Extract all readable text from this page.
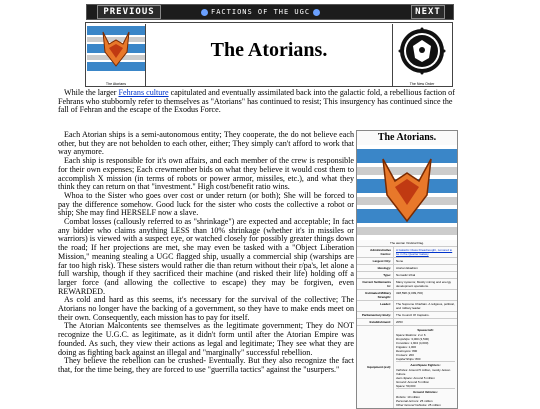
PREVIOUS	FACTIONS OF THE UGC	NEXT
The Atorians
The Atorians.
The New Order

While the larger Fehrans culture capitulated and eventually assimilated back into the galactic fold, a rebellious faction of Fehrans who stubbornly refer to themselves as "Atorians" has continued to resist; This insurgency has continued since the fall of Fehran and the escape of the Exodus Force.

Each Atorian ships is a semi-autonomous entity; They cooperate, the do not believe each other, but they are not beholden to each other, either; They simply can't afford to work that way anymore.

Each ship is responsible for it's own affairs, and each member of the crew is responsible for their own expenses; Each crewmember bids on what they believe it would cost them to accomplish X mission (in terms of robots or power armor, missiles, etc.), and what they think they can return on that "investment." High cost/benefit ratio wins.

Whoa to the Sister who goes over cost or under return (or both); She will be forced to pay the difference somehow. Good luck for the sister who costs the collective a robot or ship; She may find HERSELF now a slave.

Combat losses (callously referred to as "shrinkage") are expected and acceptable; In fact any bidder who claims anything LESS than 10% shrinkage (whether it's in missiles or warriors) is viewed with a suspect eye, or watched closely for possibly greater things down the road; If her projections are met, she may even be tasked with a "Object Liberation Mission," meaning stealing a UGC flagged ship, usually a commercial ship (warships are far too high risk). These sisters would rather die than return without their r/pa's, let alone a full warship, though if they sacrificed their machine (and risked their life) holding off a larger force (and allowing the collective to escape) they may be forgiven, even REWARDED.

As cold and hard as this seems, it's necessary for the survival of the collective; The Atorians no longer have the backing of a government, so they have to make ends meet on their own. Consequently, each mission has to pay for itself.

The Atorian Malcontents see themselves as the legitimate government; They do NOT recognize the U.G.C. as legitimate, as it didn't form until after the Atorian Empire was founded. As such, they view their actions as legal and legitimate; They see what they are doing as fighting back against an illegal and "marginally" successful rebellion.

They believe the rebellion can be crushed- Eventually. But they also recognize the fact that, for the time being, they are forced to use "guerrilla tactics" against the "usurpers."

The Atorians.
The atorian Vindical Flag.
Administrative Centre:
A Galactic Class Dreadnought, rumored to be in the Quarter Galaxy
Largest City:	None
Ideology:	Atorian Ekadism
Type:	Nomadic tribal
Current Settlements In:
Many systems; Mostly mining and energy development operations.
Estimated Military Strength:
328,598 (2,099,700)
Leader:	The Supreme Chieftain. A religious, political, and military leader.
Parliamentary Body:	The Council Of Captains.
Establishment:	2053
Equipment (est):
Spacecraft:
Space Stations: 2 or 6
Dropships: 3,000 (3,500)
Corvettes: 1,904 (4,000)
Frigates: 1,000
Destroyers: 800
Cruisers: 200
Capital Ships: 800
Aero/Space Fighters:
Vehicles: Around 5 million, mostly Jetson Vulture
Aero-Space: Around 5 million
Ground: Around 5 million
Space: 50,000
Ground Vehicles:
Robots: 10 million
Personal Armors: 25 million
Other Ground Vehicles: 25 million
